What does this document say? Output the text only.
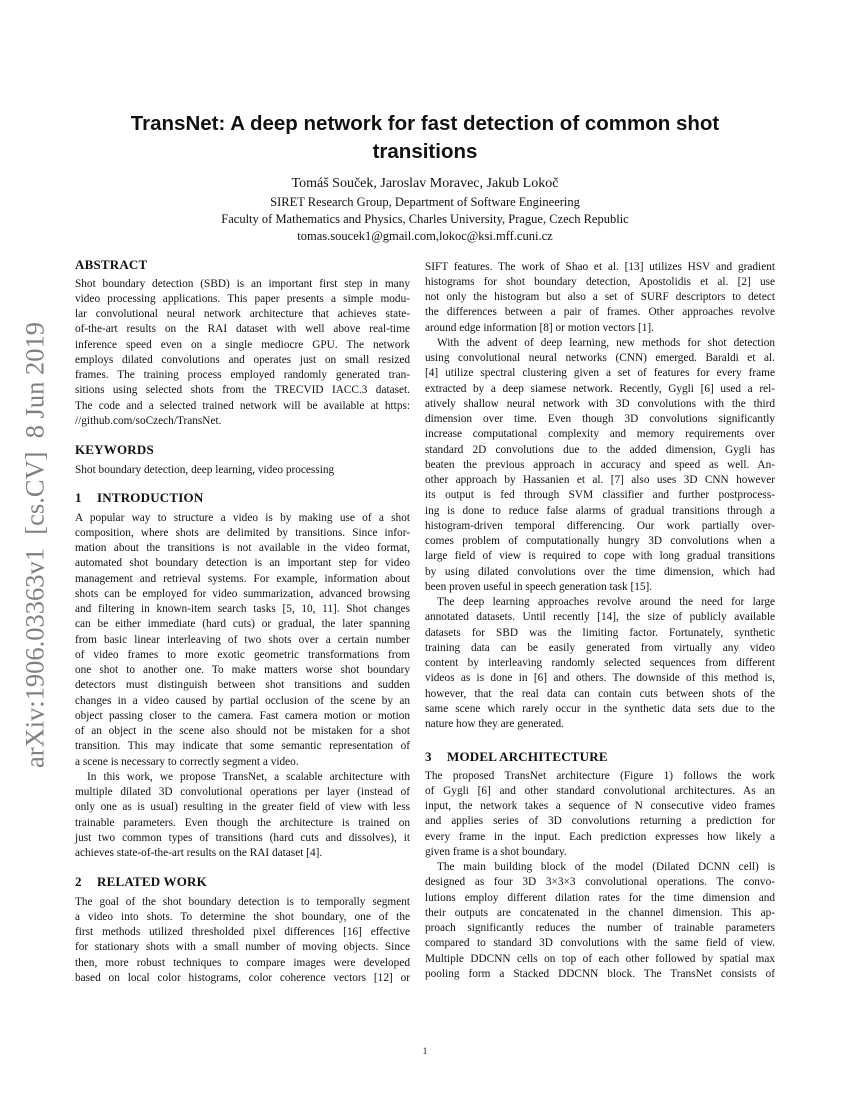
arXiv:1906.03363v1  [cs.CV]  8 Jun 2019
TransNet: A deep network for fast detection of common shot
transitions
Tomáš Souček, Jaroslav Moravec, Jakub Lokoč
SIRET Research Group, Department of Software Engineering
Faculty of Mathematics and Physics, Charles University, Prague, Czech Republic
tomas.soucek1@gmail.com,lokoc@ksi.mff.cuni.cz
ABSTRACT
Shot boundary detection (SBD) is an important first step in many
video processing applications. This paper presents a simple modu-
lar convolutional neural network architecture that achieves state-
of-the-art results on the RAI dataset with well above real-time
inference speed even on a single mediocre GPU. The network
employs dilated convolutions and operates just on small resized
frames. The training process employed randomly generated tran-
sitions using selected shots from the TRECVID IACC.3 dataset.
The code and a selected trained network will be available at https:
//github.com/soCzech/TransNet.
KEYWORDS
Shot boundary detection, deep learning, video processing
1 INTRODUCTION
A popular way to structure a video is by making use of a shot
composition, where shots are delimited by transitions. Since infor-
mation about the transitions is not available in the video format,
automated shot boundary detection is an important step for video
management and retrieval systems. For example, information about
shots can be employed for video summarization, advanced browsing
and filtering in known-item search tasks [5, 10, 11]. Shot changes
can be either immediate (hard cuts) or gradual, the later spanning
from basic linear interleaving of two shots over a certain number
of video frames to more exotic geometric transformations from
one shot to another one. To make matters worse shot boundary
detectors must distinguish between shot transitions and sudden
changes in a video caused by partial occlusion of the scene by an
object passing closer to the camera. Fast camera motion or motion
of an object in the scene also should not be mistaken for a shot
transition. This may indicate that some semantic representation of
a scene is necessary to correctly segment a video.
In this work, we propose TransNet, a scalable architecture with
multiple dilated 3D convolutional operations per layer (instead of
only one as is usual) resulting in the greater field of view with less
trainable parameters. Even though the architecture is trained on
just two common types of transitions (hard cuts and dissolves), it
achieves state-of-the-art results on the RAI dataset [4].
2 RELATED WORK
The goal of the shot boundary detection is to temporally segment
a video into shots. To determine the shot boundary, one of the
first methods utilized thresholded pixel differences [16] effective
for stationary shots with a small number of moving objects. Since
then, more robust techniques to compare images were developed
based on local color histograms, color coherence vectors [12] or
SIFT features. The work of Shao et al. [13] utilizes HSV and gradient
histograms for shot boundary detection, Apostolidis et al. [2] use
not only the histogram but also a set of SURF descriptors to detect
the differences between a pair of frames. Other approaches revolve
around edge information [8] or motion vectors [1].
With the advent of deep learning, new methods for shot detection
using convolutional neural networks (CNN) emerged. Baraldi et al.
[4] utilize spectral clustering given a set of features for every frame
extracted by a deep siamese network. Recently, Gygli [6] used a rel-
atively shallow neural network with 3D convolutions with the third
dimension over time. Even though 3D convolutions significantly
increase computational complexity and memory requirements over
standard 2D convolutions due to the added dimension, Gygli has
beaten the previous approach in accuracy and speed as well. An-
other approach by Hassanien et al. [7] also uses 3D CNN however
its output is fed through SVM classifier and further postprocess-
ing is done to reduce false alarms of gradual transitions through a
histogram-driven temporal differencing. Our work partially over-
comes problem of computationally hungry 3D convolutions when a
large field of view is required to cope with long gradual transitions
by using dilated convolutions over the time dimension, which had
been proven useful in speech generation task [15].
The deep learning approaches revolve around the need for large
annotated datasets. Until recently [14], the size of publicly available
datasets for SBD was the limiting factor. Fortunately, synthetic
training data can be easily generated from virtually any video
content by interleaving randomly selected sequences from different
videos as is done in [6] and others. The downside of this method is,
however, that the real data can contain cuts between shots of the
same scene which rarely occur in the synthetic data sets due to the
nature how they are generated.
3 MODEL ARCHITECTURE
The proposed TransNet architecture (Figure 1) follows the work
of Gygli [6] and other standard convolutional architectures. As an
input, the network takes a sequence of N consecutive video frames
and applies series of 3D convolutions returning a prediction for
every frame in the input. Each prediction expresses how likely a
given frame is a shot boundary.
The main building block of the model (Dilated DCNN cell) is
designed as four 3D 3×3×3 convolutional operations. The convo-
lutions employ different dilation rates for the time dimension and
their outputs are concatenated in the channel dimension. This ap-
proach significantly reduces the number of trainable parameters
compared to standard 3D convolutions with the same field of view.
Multiple DDCNN cells on top of each other followed by spatial max
pooling form a Stacked DDCNN block. The TransNet consists of
1
